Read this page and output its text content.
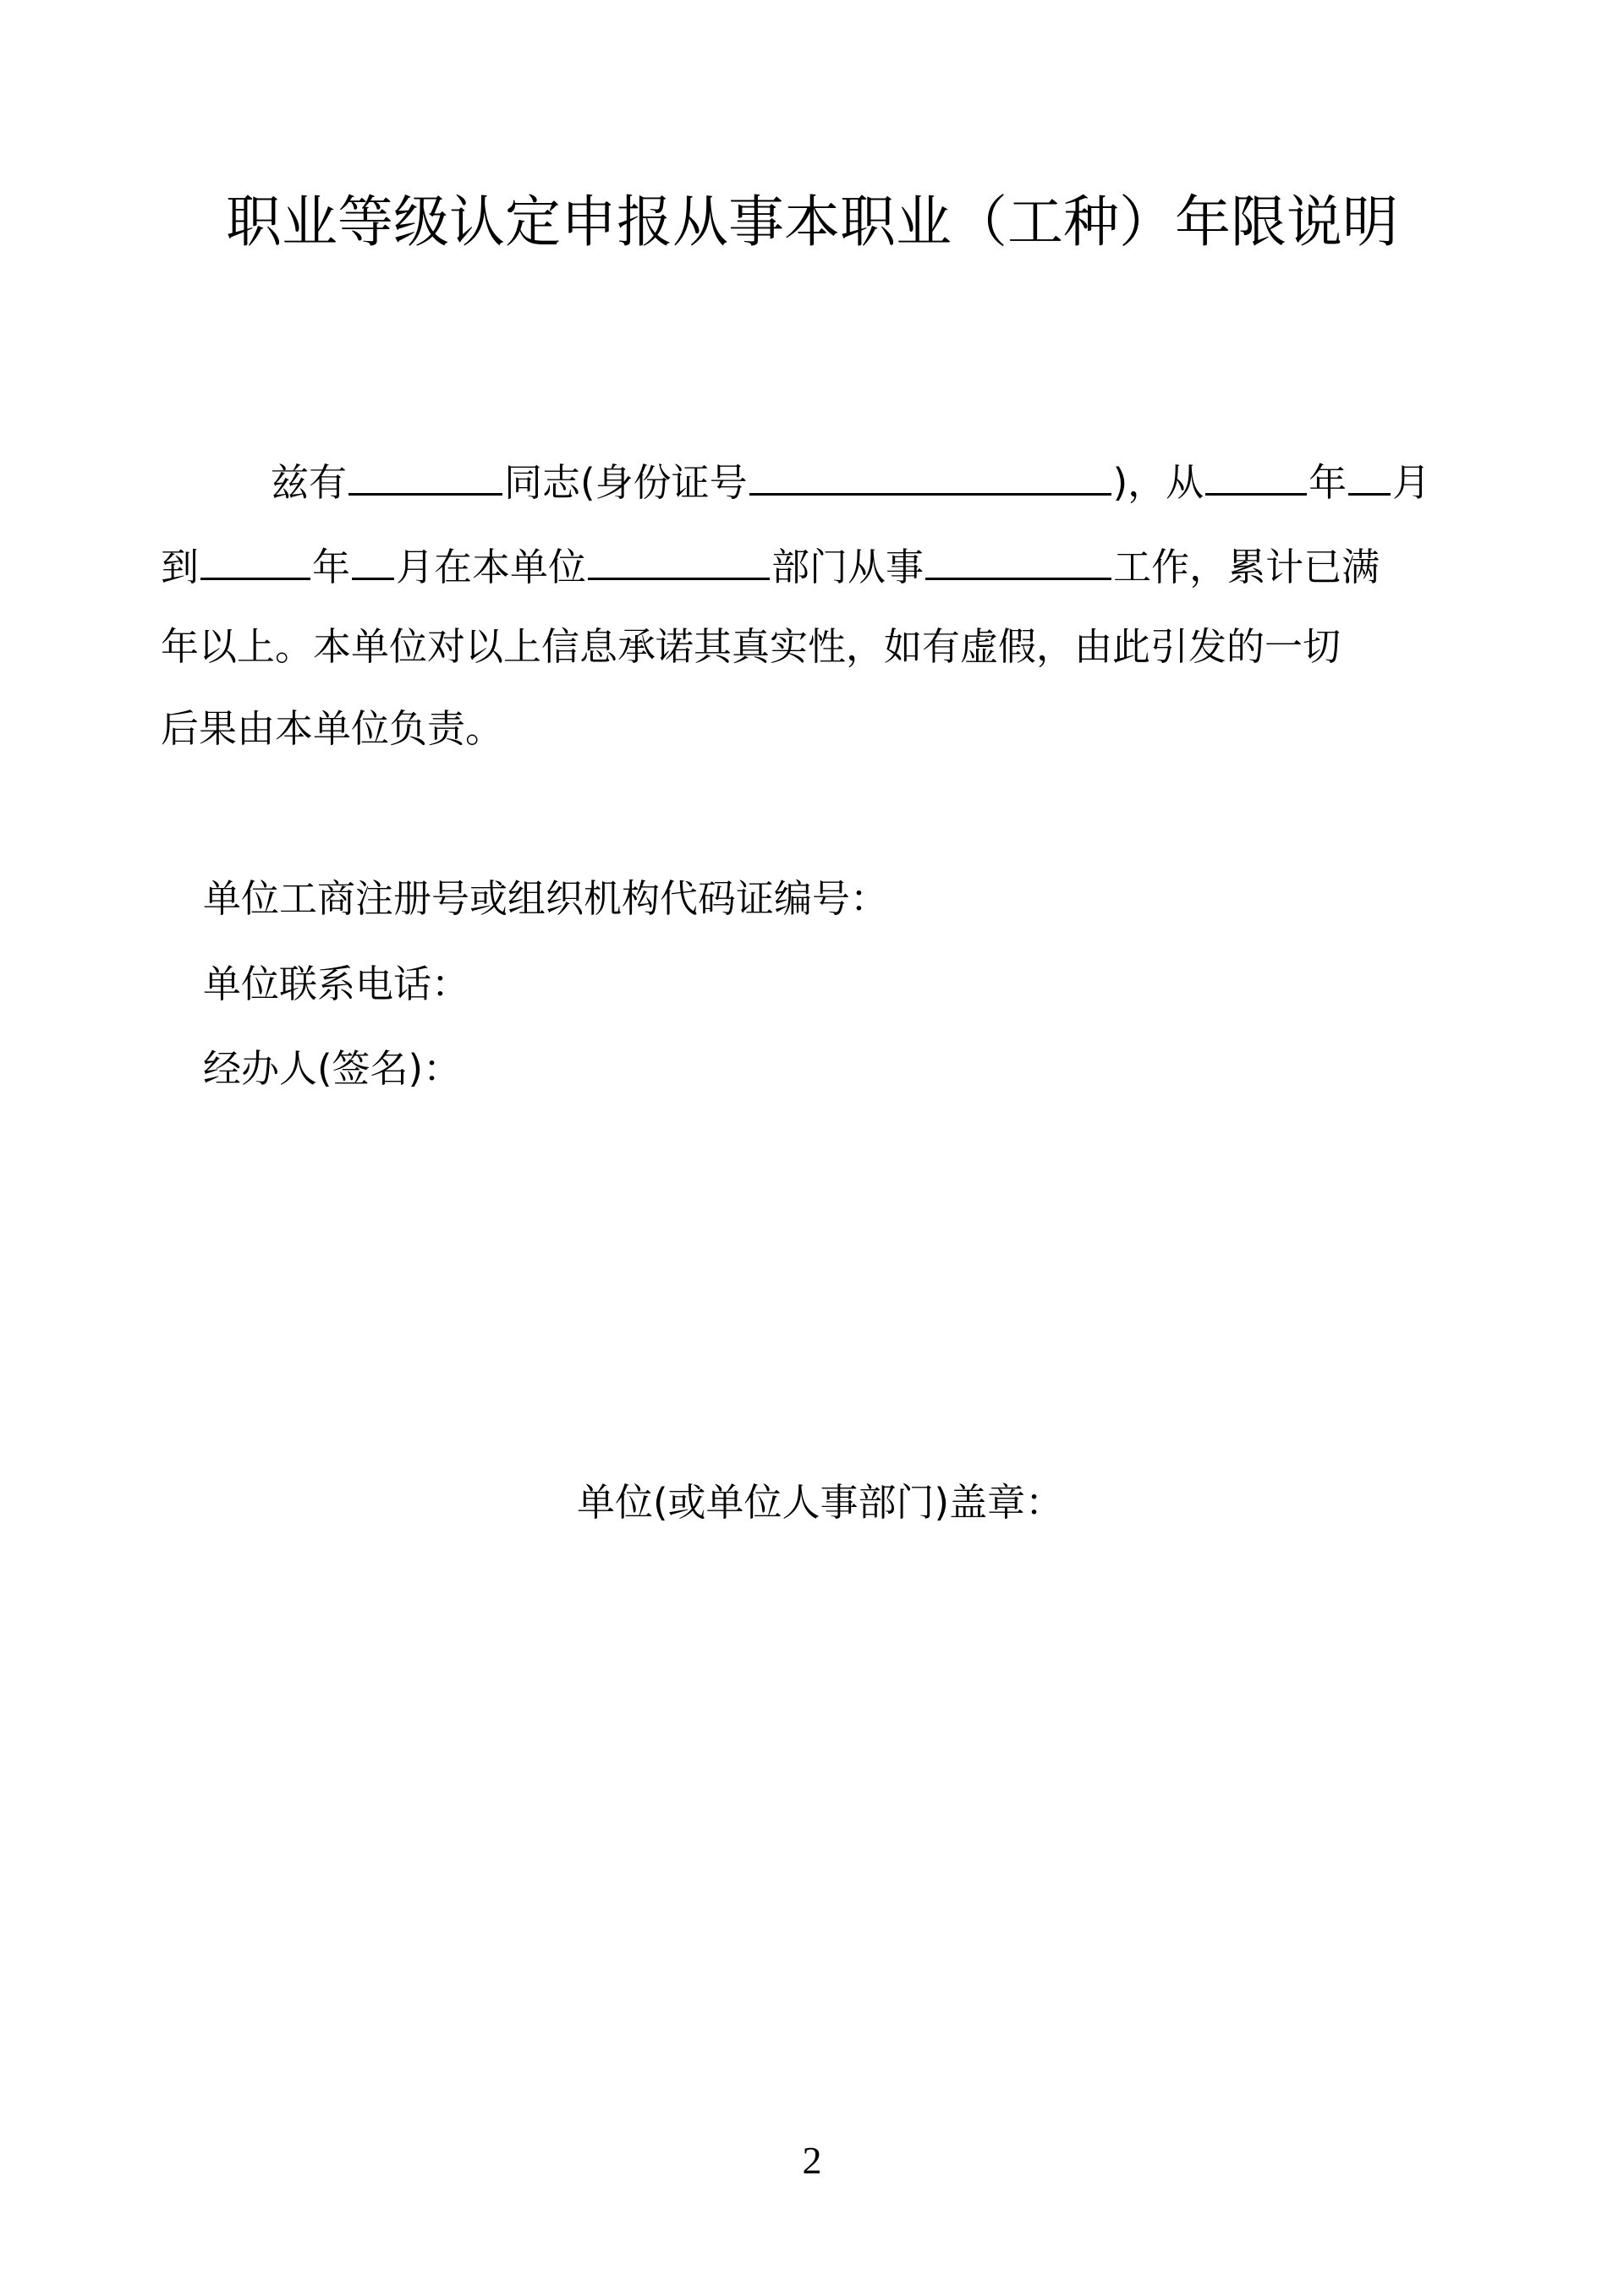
职业等级认定申报从事本职业（工种）年限说明
兹有	同志(身份证号	)，从	年 月
到	年 月在本单位	部门从事	工作，累计已满
年以上。本单位对以上信息承诺其真实性，如有虚假，由此引发的一切
后果由本单位负责。
单位工商注册号或组织机构代码证编号：
单位联系电话：
经办人(签名)：
单位(或单位人事部门)盖章：
2
